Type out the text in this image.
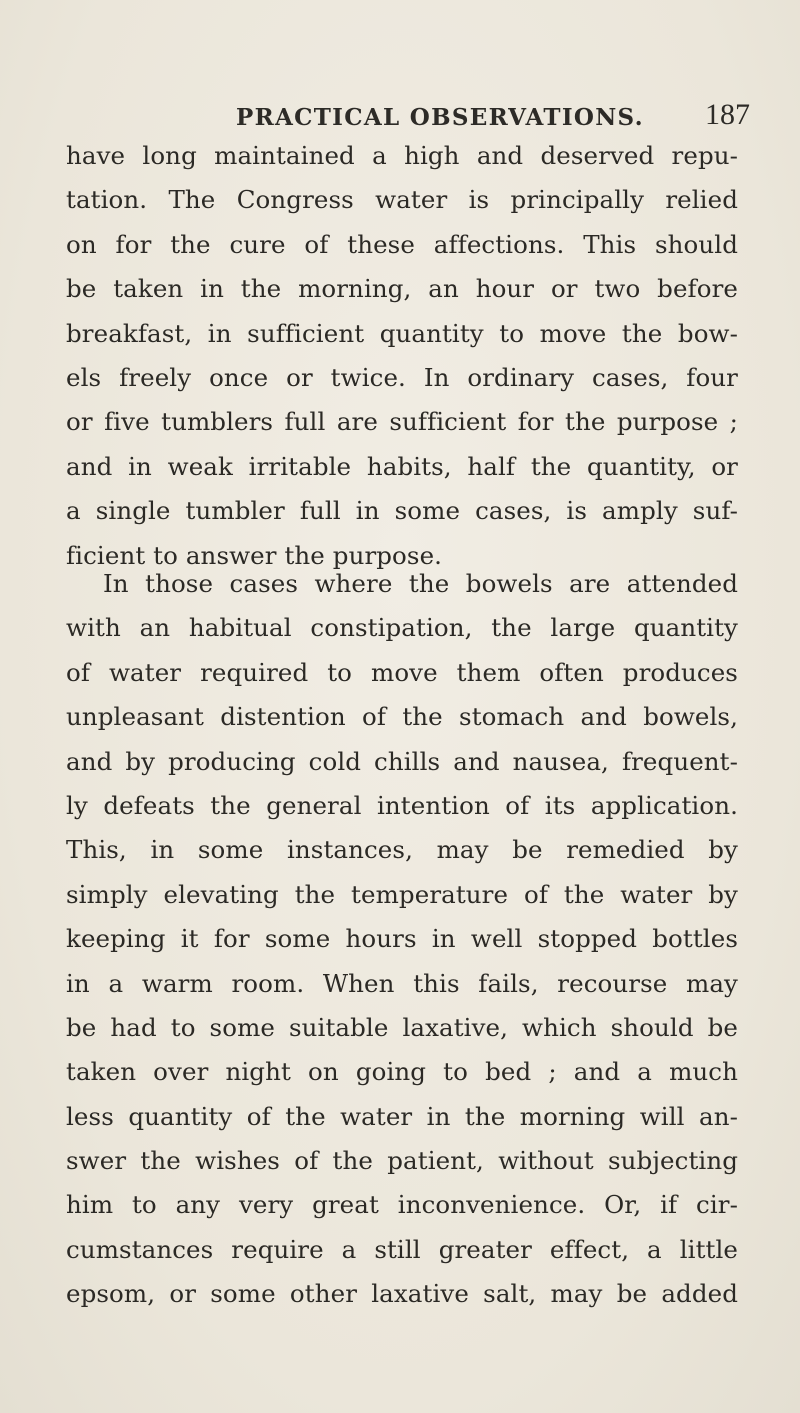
PRACTICAL OBSERVATIONS. 187
have long maintained a high and deserved repu-
tation. The Congress water is principally relied
on for the cure of these affections. This should
be taken in the morning, an hour or two before
breakfast, in sufficient quantity to move the bow-
els freely once or twice. In ordinary cases, four
or five tumblers full are sufficient for the purpose ;
and in weak irritable habits, half the quantity, or
a single tumbler full in some cases, is amply suf-
ficient to answer the purpose.
In those cases where the bowels are attended
with an habitual constipation, the large quantity
of water required to move them often produces
unpleasant distention of the stomach and bowels,
and by producing cold chills and nausea, frequent-
ly defeats the general intention of its application.
This, in some instances, may be remedied by
simply elevating the temperature of the water by
keeping it for some hours in well stopped bottles
in a warm room. When this fails, recourse may
be had to some suitable laxative, which should be
taken over night on going to bed ; and a much
less quantity of the water in the morning will an-
swer the wishes of the patient, without subjecting
him to any very great inconvenience. Or, if cir-
cumstances require a still greater effect, a little
epsom, or some other laxative salt, may be added
